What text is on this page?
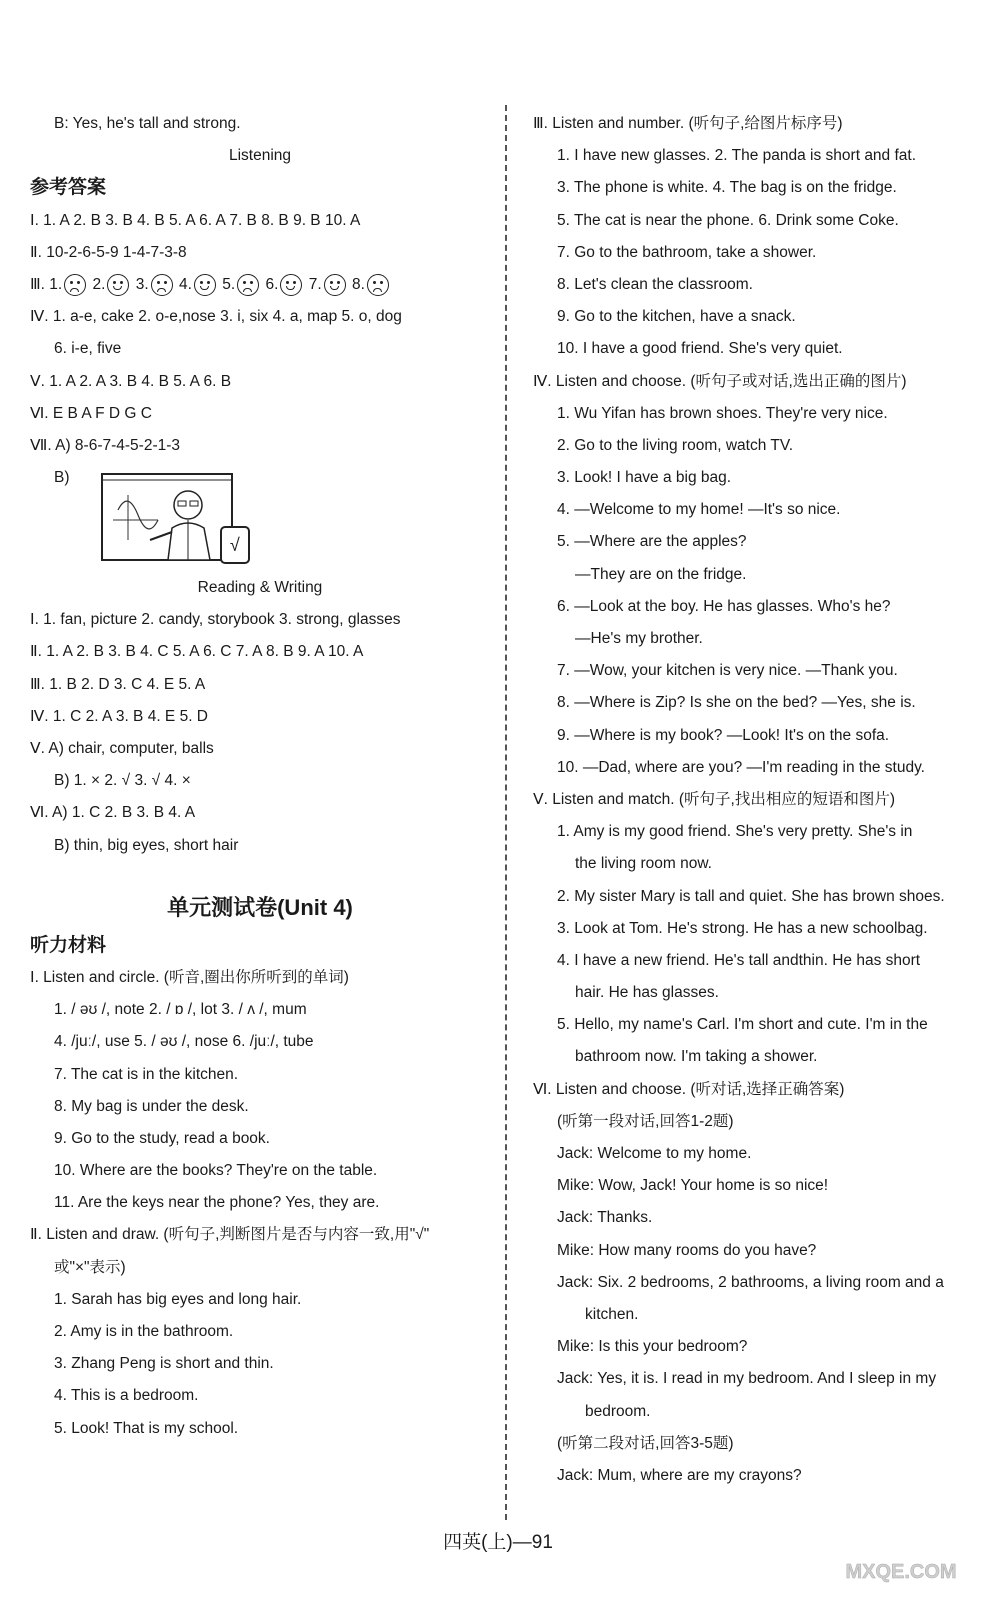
B: Yes, he's tall and strong.
Listening
参考答案
Ⅰ. 1. A 2. B 3. B 4. B 5. A 6. A 7. B 8. B 9. B 10. A
Ⅱ. 10-2-6-5-9 1-4-7-3-8
Ⅲ. 1. 2. 3. 4. 5. 6. 7. 8.
Ⅳ. 1. a-e, cake 2. o-e,nose 3. i, six 4. a, map 5. o, dog
6. i-e, five
Ⅴ. 1. A 2. A 3. B 4. B 5. A 6. B
Ⅵ. E B A F D G C
Ⅶ. A) 8-6-7-4-5-2-1-3
B)
√
Reading & Writing
Ⅰ. 1. fan, picture 2. candy, storybook 3. strong, glasses
Ⅱ. 1. A 2. B 3. B 4. C 5. A 6. C 7. A 8. B 9. A 10. A
Ⅲ. 1. B 2. D 3. C 4. E 5. A
Ⅳ. 1. C 2. A 3. B 4. E 5. D
Ⅴ. A) chair, computer, balls
B) 1. × 2. √ 3. √ 4. ×
Ⅵ. A) 1. C 2. B 3. B 4. A
B) thin, big eyes, short hair
单元测试卷(Unit 4)
听力材料
Ⅰ. Listen and circle. (听音,圈出你所听到的单词)
1. / əʊ /, note 2. / ɒ /, lot 3. / ʌ /, mum
4. /juː/, use 5. / əʊ /, nose 6. /juː/, tube
7. The cat is in the kitchen.
8. My bag is under the desk.
9. Go to the study, read a book.
10. Where are the books? They're on the table.
11. Are the keys near the phone? Yes, they are.
Ⅱ. Listen and draw. (听句子,判断图片是否与内容一致,用"√"
或"×"表示)
1. Sarah has big eyes and long hair.
2. Amy is in the bathroom.
3. Zhang Peng is short and thin.
4. This is a bedroom.
5. Look! That is my school.
Ⅲ. Listen and number. (听句子,给图片标序号)
1. I have new glasses. 2. The panda is short and fat.
3. The phone is white. 4. The bag is on the fridge.
5. The cat is near the phone. 6. Drink some Coke.
7. Go to the bathroom, take a shower.
8. Let's clean the classroom.
9. Go to the kitchen, have a snack.
10. I have a good friend. She's very quiet.
Ⅳ. Listen and choose. (听句子或对话,选出正确的图片)
1. Wu Yifan has brown shoes. They're very nice.
2. Go to the living room, watch TV.
3. Look! I have a big bag.
4. —Welcome to my home! —It's so nice.
5. —Where are the apples?
—They are on the fridge.
6. —Look at the boy. He has glasses. Who's he?
—He's my brother.
7. —Wow, your kitchen is very nice. —Thank you.
8. —Where is Zip? Is she on the bed? —Yes, she is.
9. —Where is my book? —Look! It's on the sofa.
10. —Dad, where are you? —I'm reading in the study.
Ⅴ. Listen and match. (听句子,找出相应的短语和图片)
1. Amy is my good friend. She's very pretty. She's in
the living room now.
2. My sister Mary is tall and quiet. She has brown shoes.
3. Look at Tom. He's strong. He has a new schoolbag.
4. I have a new friend. He's tall andthin. He has short
hair. He has glasses.
5. Hello, my name's Carl. I'm short and cute. I'm in the
bathroom now. I'm taking a shower.
Ⅵ. Listen and choose. (听对话,选择正确答案)
(听第一段对话,回答1-2题)
Jack: Welcome to my home.
Mike: Wow, Jack! Your home is so nice!
Jack: Thanks.
Mike: How many rooms do you have?
Jack: Six. 2 bedrooms, 2 bathrooms, a living room and a
kitchen.
Mike: Is this your bedroom?
Jack: Yes, it is. I read in my bedroom. And I sleep in my
bedroom.
(听第二段对话,回答3-5题)
Jack: Mum, where are my crayons?
四英(上)—91
MXQE.COM
